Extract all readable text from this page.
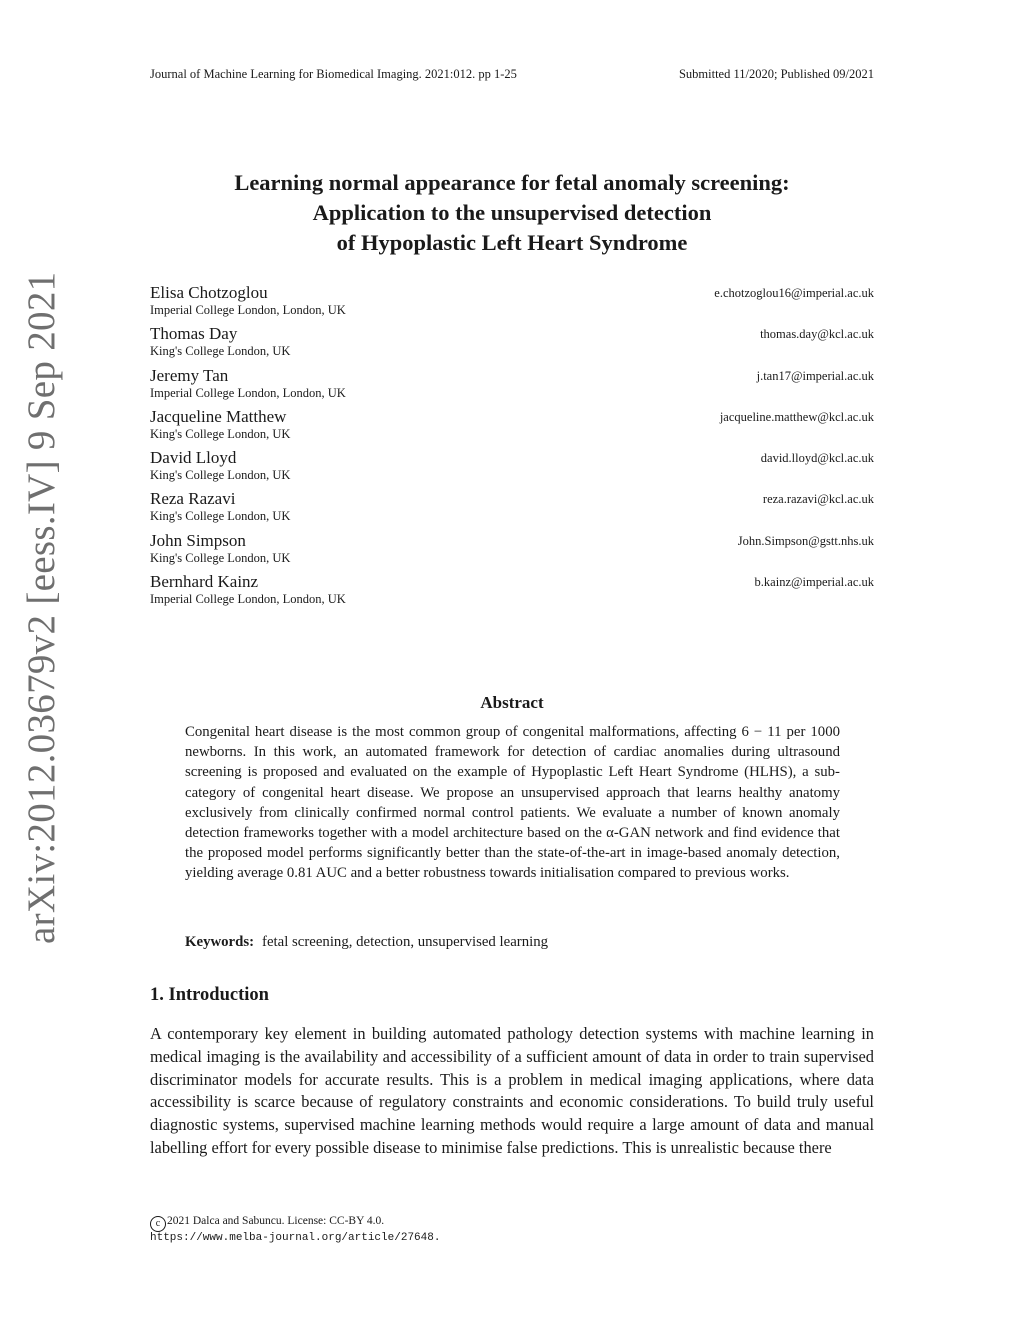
Journal of Machine Learning for Biomedical Imaging. 2021:012. pp 1-25	Submitted 11/2020; Published 09/2021
arXiv:2012.03679v2 [eess.IV] 9 Sep 2021
Learning normal appearance for fetal anomaly screening:
Application to the unsupervised detection
of Hypoplastic Left Heart Syndrome
Elisa Chotzoglou
Imperial College London, London, UK
e.chotzoglou16@imperial.ac.uk
Thomas Day
King's College London, UK
thomas.day@kcl.ac.uk
Jeremy Tan
Imperial College London, London, UK
j.tan17@imperial.ac.uk
Jacqueline Matthew
King's College London, UK
jacqueline.matthew@kcl.ac.uk
David Lloyd
King's College London, UK
david.lloyd@kcl.ac.uk
Reza Razavi
King's College London, UK
reza.razavi@kcl.ac.uk
John Simpson
King's College London, UK
John.Simpson@gstt.nhs.uk
Bernhard Kainz
Imperial College London, London, UK
b.kainz@imperial.ac.uk
Abstract
Congenital heart disease is the most common group of congenital malformations, affecting 6 − 11 per 1000 newborns. In this work, an automated framework for detection of cardiac anomalies during ultrasound screening is proposed and evaluated on the example of Hypoplastic Left Heart Syndrome (HLHS), a sub-category of congenital heart disease. We propose an unsupervised approach that learns healthy anatomy exclusively from clinically confirmed normal control patients. We evaluate a number of known anomaly detection frameworks together with a model architecture based on the α-GAN network and find evidence that the proposed model performs significantly better than the state-of-the-art in image-based anomaly detection, yielding average 0.81 AUC and a better robustness towards initialisation compared to previous works.
Keywords: fetal screening, detection, unsupervised learning
1. Introduction
A contemporary key element in building automated pathology detection systems with machine learning in medical imaging is the availability and accessibility of a sufficient amount of data in order to train supervised discriminator models for accurate results. This is a problem in medical imaging applications, where data accessibility is scarce because of regulatory constraints and economic considerations. To build truly useful diagnostic systems, supervised machine learning methods would require a large amount of data and manual labelling effort for every possible disease to minimise false predictions. This is unrealistic because there
c 2021 Dalca and Sabuncu. License: CC-BY 4.0.
https://www.melba-journal.org/article/27648.
